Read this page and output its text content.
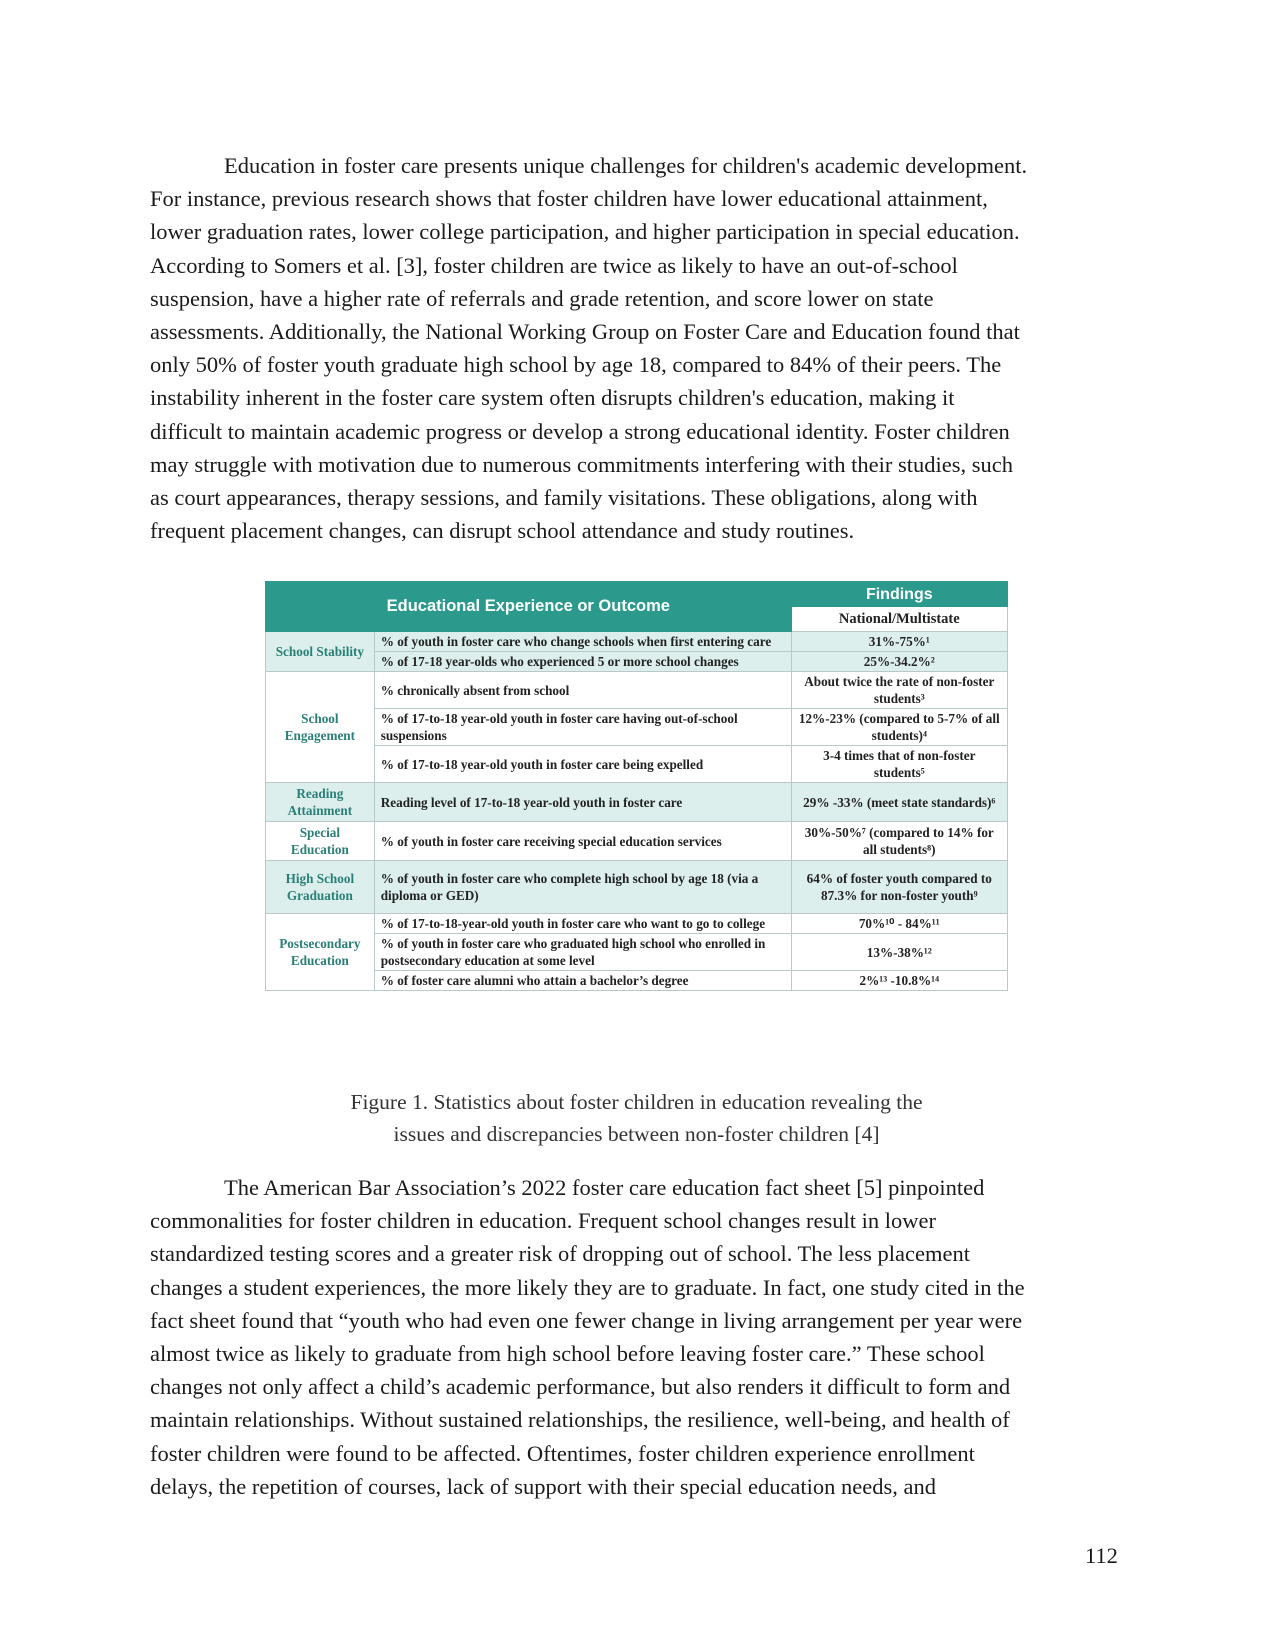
Education in foster care presents unique challenges for children's academic development.
For instance, previous research shows that foster children have lower educational attainment,
lower graduation rates, lower college participation, and higher participation in special education.
According to Somers et al. [3], foster children are twice as likely to have an out-of-school
suspension, have a higher rate of referrals and grade retention, and score lower on state
assessments. Additionally, the National Working Group on Foster Care and Education found that
only 50% of foster youth graduate high school by age 18, compared to 84% of their peers. The
instability inherent in the foster care system often disrupts children's education, making it
difficult to maintain academic progress or develop a strong educational identity. Foster children
may struggle with motivation due to numerous commitments interfering with their studies, such
as court appearances, therapy sessions, and family visitations. These obligations, along with
frequent placement changes, can disrupt school attendance and study routines.
Educational Experience or Outcome		Findings
		National/Multistate
School Stability	% of youth in foster care who change schools when first entering care	31%-75%¹
	% of 17-18 year-olds who experienced 5 or more school changes	25%-34.2%²
School Engagement	% chronically absent from school	About twice the rate of non-foster students³
	% of 17-to-18 year-old youth in foster care having out-of-school suspensions	12%-23% (compared to 5-7% of all students)⁴
	% of 17-to-18 year-old youth in foster care being expelled	3-4 times that of non-foster students⁵
Reading Attainment	Reading level of 17-to-18 year-old youth in foster care	29% -33% (meet state standards)⁶
Special Education	% of youth in foster care receiving special education services	30%-50%⁷ (compared to 14% for all students⁸)
High School Graduation	% of youth in foster care who complete high school by age 18 (via a diploma or GED)	64% of foster youth compared to 87.3% for non-foster youth⁹
Postsecondary Education	% of 17-to-18-year-old youth in foster care who want to go to college	70%¹⁰ - 84%¹¹
	% of youth in foster care who graduated high school who enrolled in postsecondary education at some level	13%-38%¹²
	% of foster care alumni who attain a bachelor’s degree	2%¹³ -10.8%¹⁴

Figure 1. Statistics about foster children in education revealing the
issues and discrepancies between non-foster children [4]

The American Bar Association’s 2022 foster care education fact sheet [5] pinpointed
commonalities for foster children in education. Frequent school changes result in lower
standardized testing scores and a greater risk of dropping out of school. The less placement
changes a student experiences, the more likely they are to graduate. In fact, one study cited in the
fact sheet found that “youth who had even one fewer change in living arrangement per year were
almost twice as likely to graduate from high school before leaving foster care.” These school
changes not only affect a child’s academic performance, but also renders it difficult to form and
maintain relationships. Without sustained relationships, the resilience, well-being, and health of
foster children were found to be affected. Oftentimes, foster children experience enrollment
delays, the repetition of courses, lack of support with their special education needs, and
112
